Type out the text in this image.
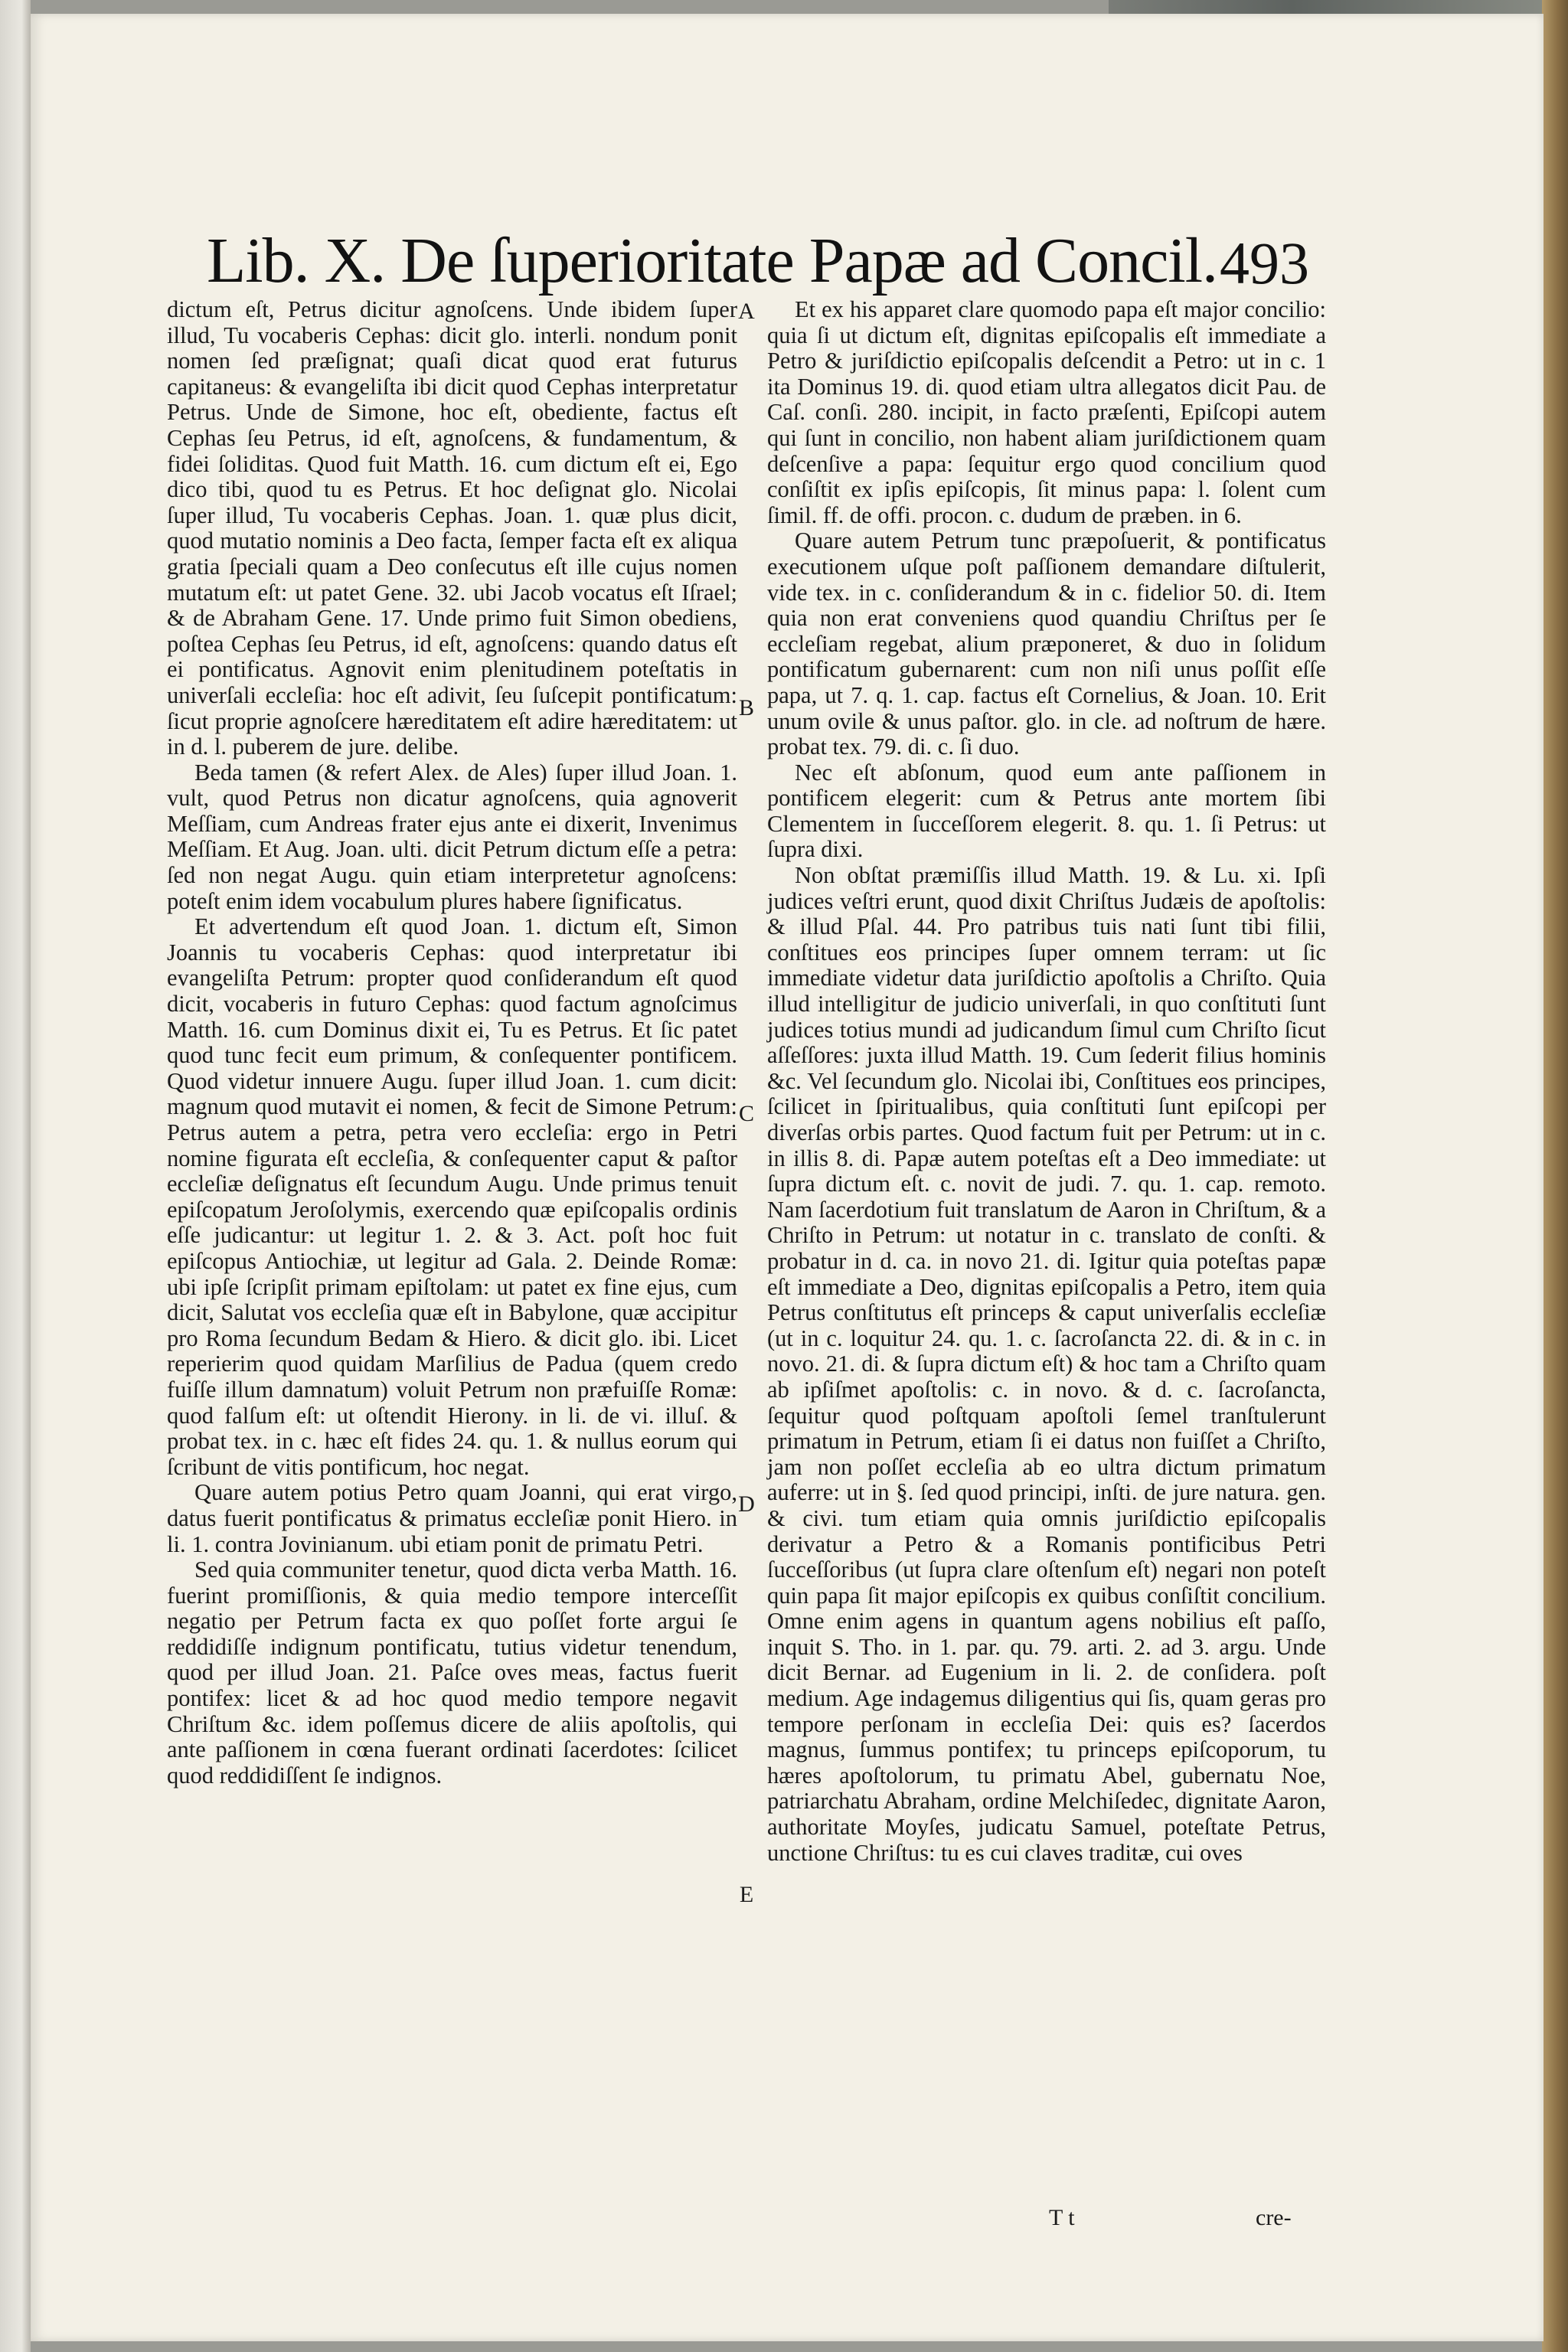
Lib. X. De ſuperioritate Papæ ad Concil. 493

dictum eſt, Petrus dicitur agnoſcens. Unde ibidem ſuper illud, Tu vocaberis Cephas: dicit glo. interli. nondum ponit nomen ſed præſignat; quaſi dicat quod erat futurus capitaneus: & evangeliſta ibi dicit quod Cephas interpretatur Petrus. Unde de Simone, hoc eſt, obediente, factus eſt Cephas ſeu Petrus, id eſt, agnoſcens, & fundamentum, & fidei ſoliditas. Quod fuit Matth. 16. cum dictum eſt ei, Ego dico tibi, quod tu es Petrus. Et hoc deſignat glo. Nicolai ſuper illud, Tu vocaberis Cephas. Joan. 1. quæ plus dicit, quod mutatio nominis a Deo facta, ſemper facta eſt ex aliqua gratia ſpeciali quam a Deo conſecutus eſt ille cujus nomen mutatum eſt: ut patet Gene. 32. ubi Jacob vocatus eſt Iſrael; & de Abraham Gene. 17. Unde primo fuit Simon obediens, poſtea Cephas ſeu Petrus, id eſt, agnoſcens: quando datus eſt ei pontificatus. Agnovit enim plenitudinem poteſtatis in univerſali eccleſia: hoc eſt adivit, ſeu ſuſcepit pontificatum: ſicut proprie agnoſcere hæreditatem eſt adire hæreditatem: ut in d. l. puberem de jure. delibe.

Beda tamen (& refert Alex. de Ales) ſuper illud Joan. 1. vult, quod Petrus non dicatur agnoſcens, quia agnoverit Meſſiam, cum Andreas frater ejus ante ei dixerit, Invenimus Meſſiam. Et Aug. Joan. ulti. dicit Petrum dictum eſſe a petra: ſed non negat Augu. quin etiam interpretetur agnoſcens: poteſt enim idem vocabulum plures habere ſignificatus.

Et advertendum eſt quod Joan. 1. dictum eſt, Simon Joannis tu vocaberis Cephas: quod interpretatur ibi evangeliſta Petrum: propter quod conſiderandum eſt quod dicit, vocaberis in futuro Cephas: quod factum agnoſcimus Matth. 16. cum Dominus dixit ei, Tu es Petrus. Et ſic patet quod tunc fecit eum primum, & conſequenter pontificem. Quod videtur innuere Augu. ſuper illud Joan. 1. cum dicit: magnum quod mutavit ei nomen, & fecit de Simone Petrum: Petrus autem a petra, petra vero eccleſia: ergo in Petri nomine figurata eſt eccleſia, & conſequenter caput & paſtor eccleſiæ deſignatus eſt ſecundum Augu. Unde primus tenuit epiſcopatum Jeroſolymis, exercendo quæ epiſcopalis ordinis eſſe judicantur: ut legitur 1. 2. & 3. Act. poſt hoc fuit epiſcopus Antiochiæ, ut legitur ad Gala. 2. Deinde Romæ: ubi ipſe ſcripſit primam epiſtolam: ut patet ex fine ejus, cum dicit, Salutat vos eccleſia quæ eſt in Babylone, quæ accipitur pro Roma ſecundum Bedam & Hiero. & dicit glo. ibi. Licet reperierim quod quidam Marſilius de Padua (quem credo fuiſſe illum damnatum) voluit Petrum non præfuiſſe Romæ: quod falſum eſt: ut oſtendit Hierony. in li. de vi. illuſ. & probat tex. in c. hæc eſt fides 24. qu. 1. & nullus eorum qui ſcribunt de vitis pontificum, hoc negat.

Quare autem potius Petro quam Joanni, qui erat virgo, datus fuerit pontificatus & primatus eccleſiæ ponit Hiero. in li. 1. contra Jovinianum. ubi etiam ponit de primatu Petri.

Sed quia communiter tenetur, quod dicta verba Matth. 16. fuerint promiſſionis, & quia medio tempore interceſſit negatio per Petrum facta ex quo poſſet forte argui ſe reddidiſſe indignum pontificatu, tutius videtur tenendum, quod per illud Joan. 21. Paſce oves meas, factus fuerit pontifex: licet & ad hoc quod medio tempore negavit Chriſtum &c. idem poſſemus dicere de aliis apoſtolis, qui ante paſſionem in cœna fuerant ordinati ſacerdotes: ſcilicet quod reddidiſſent ſe indignos.

A
B
C
D
E

Et ex his apparet clare quomodo papa eſt major concilio: quia ſi ut dictum eſt, dignitas epiſcopalis eſt immediate a Petro & juriſdictio epiſcopalis deſcendit a Petro: ut in c. 1 ita Dominus 19. di. quod etiam ultra allegatos dicit Pau. de Caſ. conſi. 280. incipit, in facto præſenti, Epiſcopi autem qui ſunt in concilio, non habent aliam juriſdictionem quam deſcenſive a papa: ſequitur ergo quod concilium quod conſiſtit ex ipſis epiſcopis, ſit minus papa: l. ſolent cum ſimil. ff. de offi. procon. c. dudum de præben. in 6.

Quare autem Petrum tunc præpoſuerit, & pontificatus executionem uſque poſt paſſionem demandare diſtulerit, vide tex. in c. conſiderandum & in c. fidelior 50. di. Item quia non erat conveniens quod quandiu Chriſtus per ſe eccleſiam regebat, alium præponeret, & duo in ſolidum pontificatum gubernarent: cum non niſi unus poſſit eſſe papa, ut 7. q. 1. cap. factus eſt Cornelius, & Joan. 10. Erit unum ovile & unus paſtor. glo. in cle. ad noſtrum de hære. probat tex. 79. di. c. ſi duo.

Nec eſt abſonum, quod eum ante paſſionem in pontificem elegerit: cum & Petrus ante mortem ſibi Clementem in ſucceſſorem elegerit. 8. qu. 1. ſi Petrus: ut ſupra dixi.

Non obſtat præmiſſis illud Matth. 19. & Lu. xi. Ipſi judices veſtri erunt, quod dixit Chriſtus Judæis de apoſtolis: & illud Pſal. 44. Pro patribus tuis nati ſunt tibi filii, conſtitues eos principes ſuper omnem terram: ut ſic immediate videtur data juriſdictio apoſtolis a Chriſto. Quia illud intelligitur de judicio univerſali, in quo conſtituti ſunt judices totius mundi ad judicandum ſimul cum Chriſto ſicut aſſeſſores: juxta illud Matth. 19. Cum ſederit filius hominis &c. Vel ſecundum glo. Nicolai ibi, Conſtitues eos principes, ſcilicet in ſpiritualibus, quia conſtituti ſunt epiſcopi per diverſas orbis partes. Quod factum fuit per Petrum: ut in c. in illis 8. di. Papæ autem poteſtas eſt a Deo immediate: ut ſupra dictum eſt. c. novit de judi. 7. qu. 1. cap. remoto. Nam ſacerdotium fuit translatum de Aaron in Chriſtum, & a Chriſto in Petrum: ut notatur in c. translato de conſti. & probatur in d. ca. in novo 21. di. Igitur quia poteſtas papæ eſt immediate a Deo, dignitas epiſcopalis a Petro, item quia Petrus conſtitutus eſt princeps & caput univerſalis eccleſiæ (ut in c. loquitur 24. qu. 1. c. ſacroſancta 22. di. & in c. in novo. 21. di. & ſupra dictum eſt) & hoc tam a Chriſto quam ab ipſiſmet apoſtolis: c. in novo. & d. c. ſacroſancta, ſequitur quod poſtquam apoſtoli ſemel tranſtulerunt primatum in Petrum, etiam ſi ei datus non fuiſſet a Chriſto, jam non poſſet eccleſia ab eo ultra dictum primatum auferre: ut in §. ſed quod principi, inſti. de jure natura. gen. & civi. tum etiam quia omnis juriſdictio epiſcopalis derivatur a Petro & a Romanis pontificibus Petri ſucceſſoribus (ut ſupra clare oſtenſum eſt) negari non poteſt quin papa ſit major epiſcopis ex quibus conſiſtit concilium. Omne enim agens in quantum agens nobilius eſt paſſo, inquit S. Tho. in 1. par. qu. 79. arti. 2. ad 3. argu. Unde dicit Bernar. ad Eugenium in li. 2. de conſidera. poſt medium. Age indagemus diligentius qui ſis, quam geras pro tempore perſonam in eccleſia Dei: quis es? ſacerdos magnus, ſummus pontifex; tu princeps epiſcoporum, tu hæres apoſtolorum, tu primatu Abel, gubernatu Noe, patriarchatu Abraham, ordine Melchiſedec, dignitate Aaron, authoritate Moyſes, judicatu Samuel, poteſtate Petrus, unctione Chriſtus: tu es cui claves traditæ, cui oves

T t	cre-
